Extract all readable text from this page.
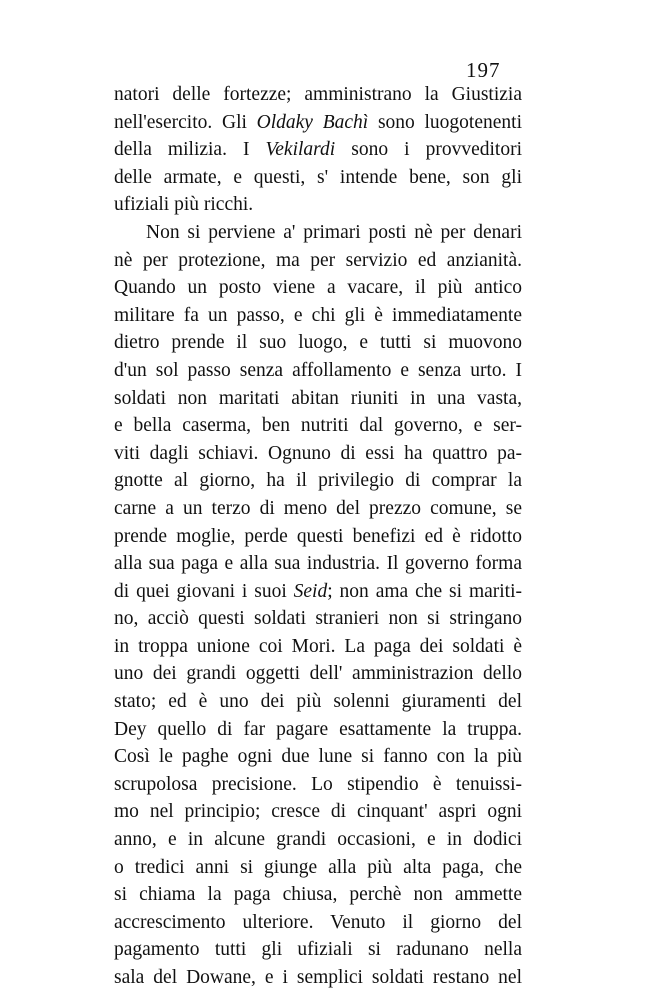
197
natori delle fortezze; amministrano la Giustizia
nell'esercito. Gli Oldaky Bachì sono luogotenenti
della milizia. I Vekilardi sono i provveditori
delle armate, e questi, s' intende bene, son gli
ufiziali più ricchi.
Non si perviene a' primari posti nè per denari
nè per protezione, ma per servizio ed anzianità.
Quando un posto viene a vacare, il più antico
militare fa un passo, e chi gli è immediatamente
dietro prende il suo luogo, e tutti si muovono
d'un sol passo senza affollamento e senza urto. I
soldati non maritati abitan riuniti in una vasta,
e bella caserma, ben nutriti dal governo, e ser-
viti dagli schiavi. Ognuno di essi ha quattro pa-
gnotte al giorno, ha il privilegio di comprar la
carne a un terzo di meno del prezzo comune, se
prende moglie, perde questi benefizi ed è ridotto
alla sua paga e alla sua industria. Il governo forma
di quei giovani i suoi Seid; non ama che si mariti-
no, acciò questi soldati stranieri non si stringano
in troppa unione coi Mori. La paga dei soldati è
uno dei grandi oggetti dell' amministrazion dello
stato; ed è uno dei più solenni giuramenti del
Dey quello di far pagare esattamente la truppa.
Così le paghe ogni due lune si fanno con la più
scrupolosa precisione. Lo stipendio è tenuissi-
mo nel principio; cresce di cinquant' aspri ogni
anno, e in alcune grandi occasioni, e in dodici
o tredici anni si giunge alla più alta paga, che
si chiama la paga chiusa, perchè non ammette
accrescimento ulteriore. Venuto il giorno del
pagamento tutti gli ufiziali si radunano nella
sala del Dowane, e i semplici soldati restano nel
